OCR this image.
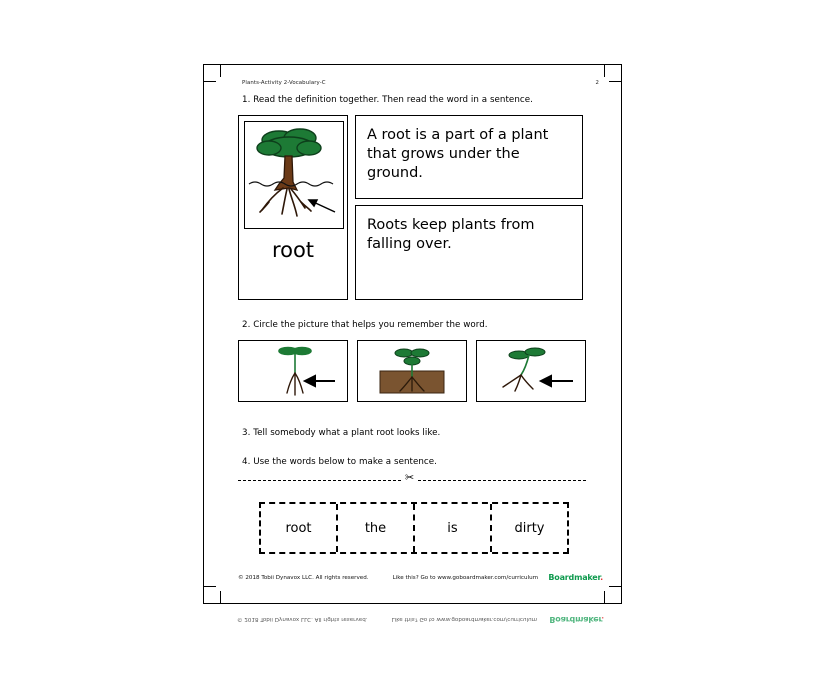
Plants-Activity 2-Vocabulary-C	2
1. Read the definition together. Then read the word in a sentence.
root
A root is a part of a plant that grows under the ground.
Roots keep plants from falling over.
2. Circle the picture that helps you remember the word.
3. Tell somebody what a plant root looks like.
4. Use the words below to make a sentence.
✂
root	the	is	dirty
© 2018 Tobii Dynavox LLC. All rights reserved.	Like this? Go to www.goboardmaker.com/curriculum	Boardmaker.
© 2018 Tobii Dynavox LLC. All rights reserved.	Like this? Go to www.goboardmaker.com/curriculum	Boardmaker.
